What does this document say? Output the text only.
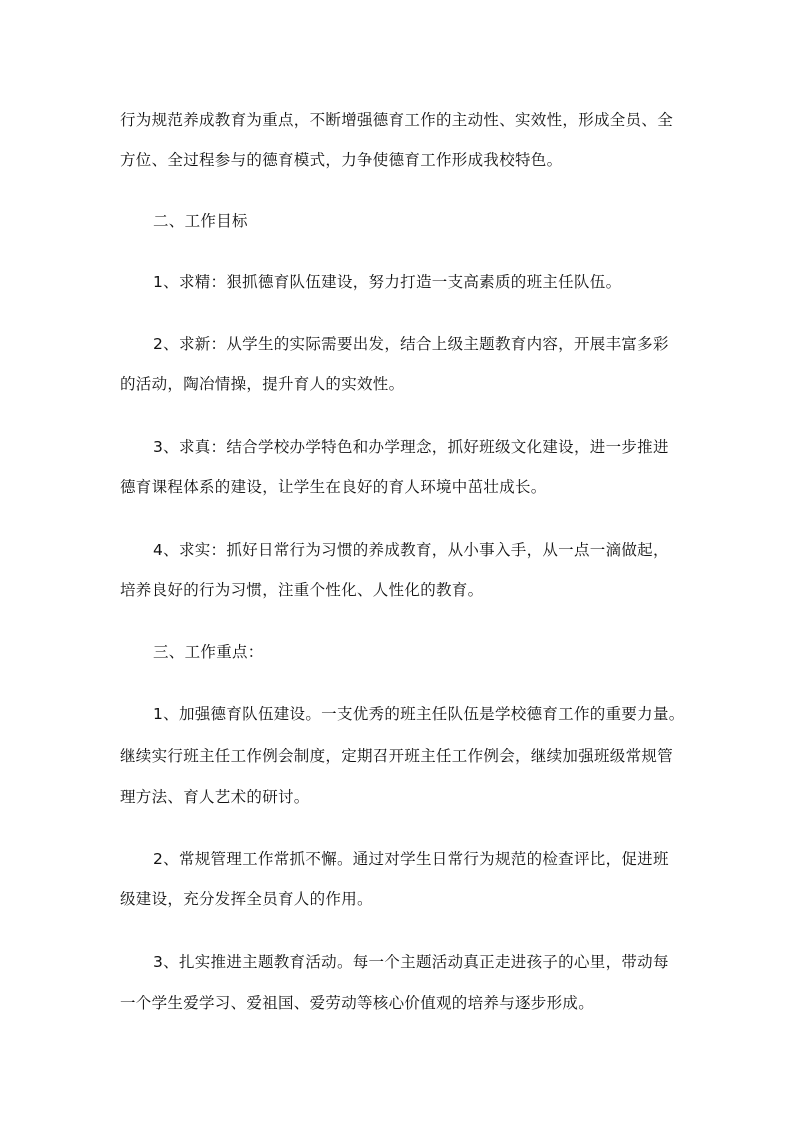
行为规范养成教育为重点，不断增强德育工作的主动性、实效性，形成全员、全
方位、全过程参与的德育模式，力争使德育工作形成我校特色。
二、工作目标
1、求精：狠抓德育队伍建设，努力打造一支高素质的班主任队伍。
2、求新：从学生的实际需要出发，结合上级主题教育内容，开展丰富多彩
的活动，陶冶情操，提升育人的实效性。
3、求真：结合学校办学特色和办学理念，抓好班级文化建设，进一步推进
德育课程体系的建设，让学生在良好的育人环境中茁壮成长。
4、求实：抓好日常行为习惯的养成教育，从小事入手，从一点一滴做起，
培养良好的行为习惯，注重个性化、人性化的教育。
三、工作重点：
1、加强德育队伍建设。一支优秀的班主任队伍是学校德育工作的重要力量。
继续实行班主任工作例会制度，定期召开班主任工作例会，继续加强班级常规管
理方法、育人艺术的研讨。
2、常规管理工作常抓不懈。通过对学生日常行为规范的检查评比，促进班
级建设，充分发挥全员育人的作用。
3、扎实推进主题教育活动。每一个主题活动真正走进孩子的心里，带动每
一个学生爱学习、爱祖国、爱劳动等核心价值观的培养与逐步形成。
